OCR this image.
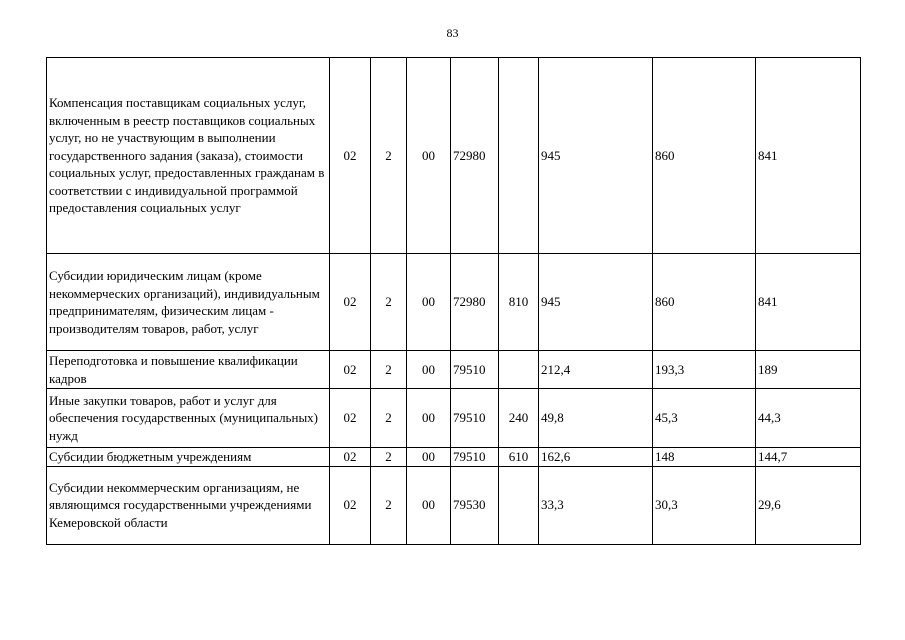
83
Компенсация поставщикам социальных услуг, включенным в реестр поставщиков социальных услуг, но не участвующим в выполнении государственного задания (заказа), стоимости социальных услуг, предоставленных гражданам в соответствии с индивидуальной программой предоставления социальных услуг	02	2	00	72980		945	860	841
Субсидии юридическим лицам (кроме некоммерческих организаций), индивидуальным предпринимателям, физическим лицам - производителям товаров, работ, услуг	02	2	00	72980	810	945	860	841
Переподготовка и повышение квалификации кадров	02	2	00	79510		212,4	193,3	189
Иные закупки товаров, работ и услуг для обеспечения государственных (муниципальных) нужд	02	2	00	79510	240	49,8	45,3	44,3
Субсидии бюджетным учреждениям	02	2	00	79510	610	162,6	148	144,7
Субсидии некоммерческим организациям, не являющимся государственными учреждениями Кемеровской области	02	2	00	79530		33,3	30,3	29,6
